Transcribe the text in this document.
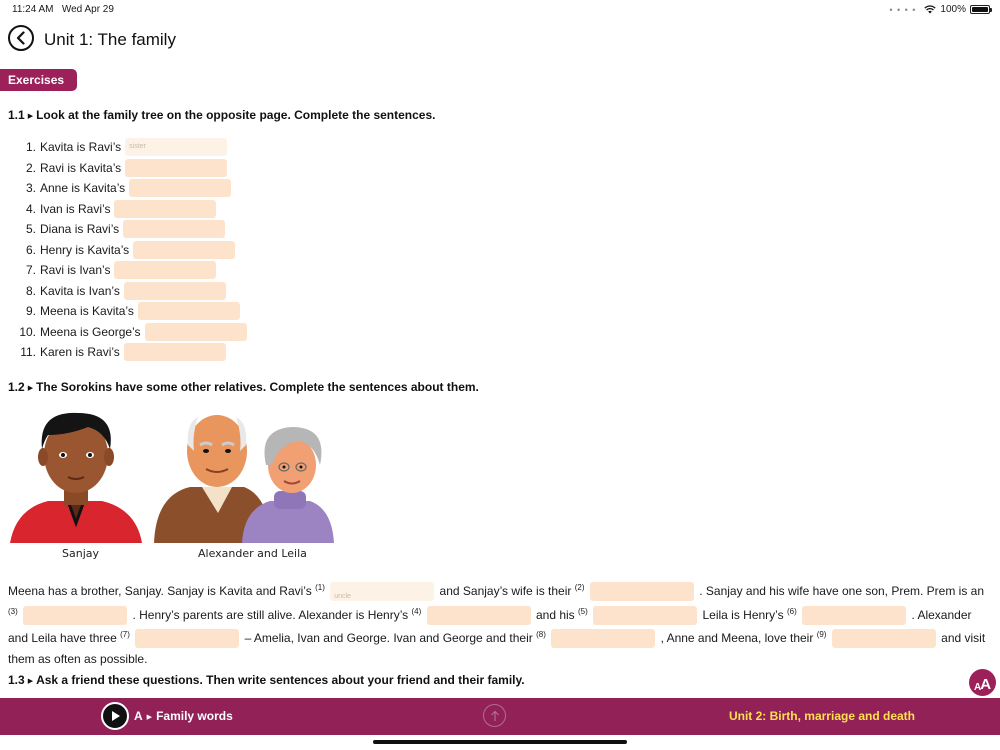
11:24 AM Wed Apr 29	• • • • 100%
Unit 1: The family
Exercises
1.1 ▶ Look at the family tree on the opposite page. Complete the sentences.
1. Kavita is Ravi’s	sister
2. Ravi is Kavita’s
3. Anne is Kavita’s
4. Ivan is Ravi’s
5. Diana is Ravi’s
6. Henry is Kavita’s
7. Ravi is Ivan’s
8. Kavita is Ivan’s
9. Meena is Kavita’s
10. Meena is George’s
11. Karen is Ravi’s
1.2 ▶ The Sorokins have some other relatives. Complete the sentences about them.
Sanjay	Alexander and Leila
Meena has a brother, Sanjay. Sanjay is Kavita and Ravi’s $^{(1)}$ uncle	and Sanjay’s wife is their $^{(2)}$	. Sanjay and his wife have one son, Prem. Prem is an $^{(3)}$	. Henry’s parents are still alive. Alexander is Henry’s $^{(4)}$	and his $^{(5)}$	Leila is Henry’s $^{(6)}$	. Alexander and Leila have three $^{(7)}$	– Amelia, Ivan and George. Ivan and George and their $^{(8)}$	, Anne and Meena, love their $^{(9)}$	and visit them as often as possible.
1.3 ▶ Ask a friend these questions. Then write sentences about your friend and their family.
A A
A ▶ Family words	Unit 2: Birth, marriage and death
